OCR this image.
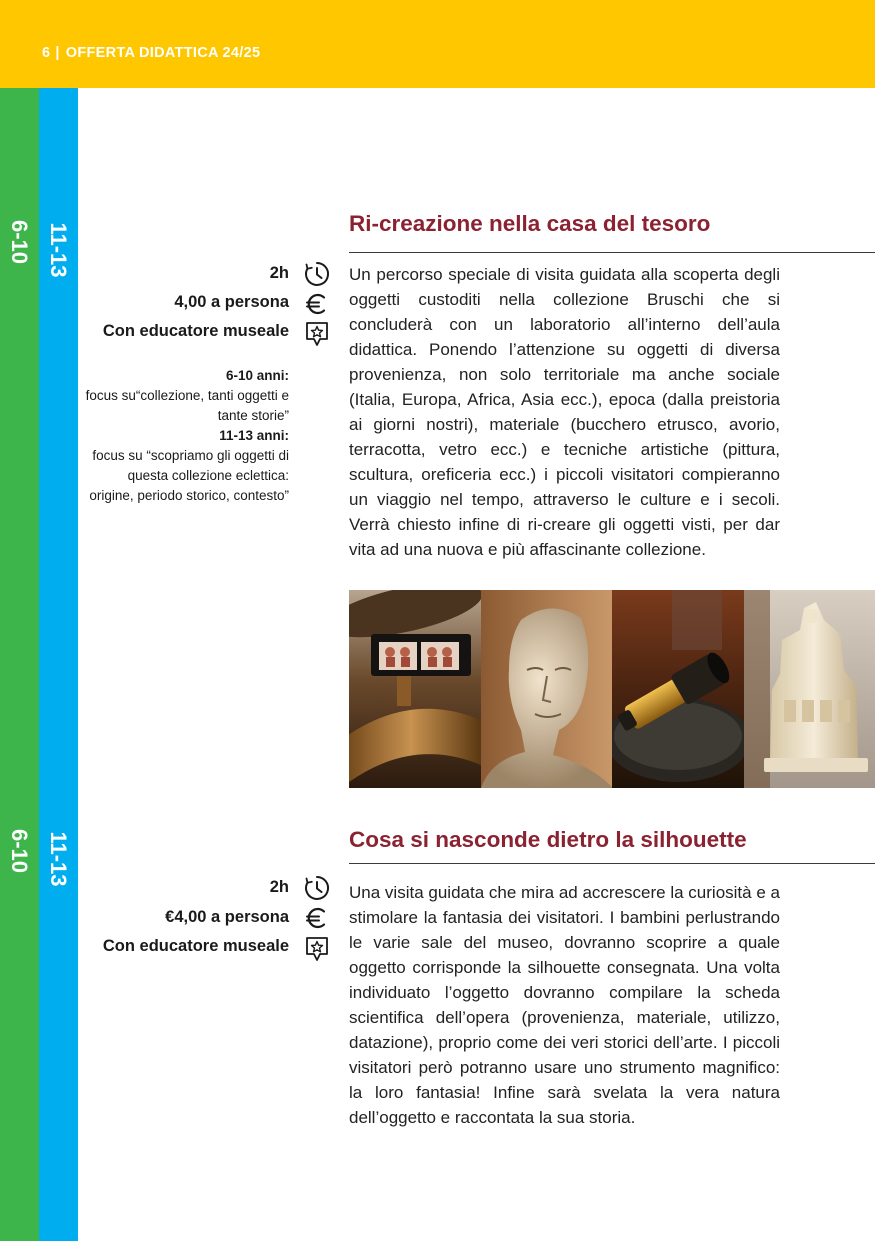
6 | OFFERTA DIDATTICA 24/25
6-10 11-13
6-10 11-13
Ri-creazione nella casa del tesoro
2h
4,00 a persona
Con educatore museale
6-10 anni:
focus su“collezione, tanti oggetti e tante storie”
11-13 anni:
focus su “scopriamo gli oggetti di questa collezione eclettica: origine, periodo storico, contesto”
Un percorso speciale di visita guidata alla scoperta degli oggetti custoditi nella collezione Bruschi che si concluderà con un laboratorio all’interno dell’aula didattica. Ponendo l’attenzione su oggetti di diversa provenienza, non solo territoriale ma anche sociale (Italia, Europa, Africa, Asia ecc.), epoca (dalla preistoria ai giorni nostri), materiale (bucchero etrusco, avorio, terracotta, vetro ecc.) e tecniche artistiche (pittura, scultura, oreficeria ecc.) i piccoli visitatori compieranno un viaggio nel tempo, attraverso le culture e i secoli. Verrà chiesto infine di ri-creare gli oggetti visti, per dar vita ad una nuova e più affascinante collezione.
Cosa si nasconde dietro la silhouette
2h
€4,00 a persona
Con educatore museale
Una visita guidata che mira ad accrescere la curiosità e a stimolare la fantasia dei visitatori. I bambini perlustrando le varie sale del museo, dovranno scoprire a quale oggetto corrisponde la silhouette consegnata. Una volta individuato l’oggetto dovranno compilare la scheda scientifica dell’opera (provenienza, materiale, utilizzo, datazione), proprio come dei veri storici dell’arte. I piccoli visitatori però potranno usare uno strumento magnifico: la loro fantasia! Infine sarà svelata la vera natura dell’oggetto e raccontata la sua storia.
